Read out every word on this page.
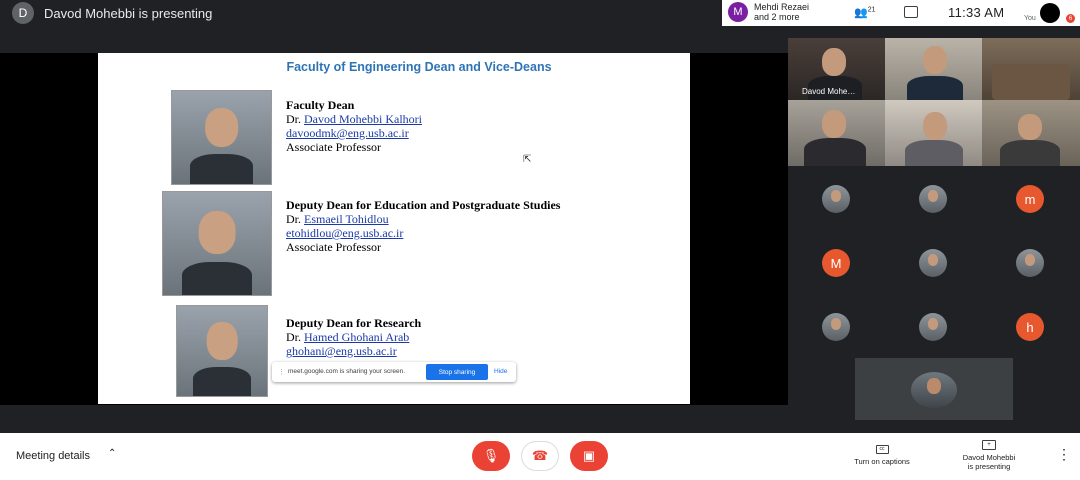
D	Davod Mohebbi is presenting	M	Mehdi Rezaei
and 2 more	👥$^{21}$	11:33 AM	You	6
Faculty of Engineering Dean and Vice-Deans
Faculty Dean
Dr. Davod Mohebbi Kalhori
davoodmk@eng.usb.ac.ir
Associate Professor
Deputy Dean for Education and Postgraduate Studies
Dr. Esmaeil Tohidlou
etohidlou@eng.usb.ac.ir
Associate Professor
Deputy Dean for Research
Dr. Hamed Ghohani Arab
ghohani@eng.usb.ac.ir
⇱
⋮ meet.google.com is sharing your screen.	Stop sharing	Hide
Davod Mohe…
m
M
h
Meeting details ⌃	🎙	☎	▣	cc
Turn on captions
+
Davod Mohebbi
is presenting
⋮
